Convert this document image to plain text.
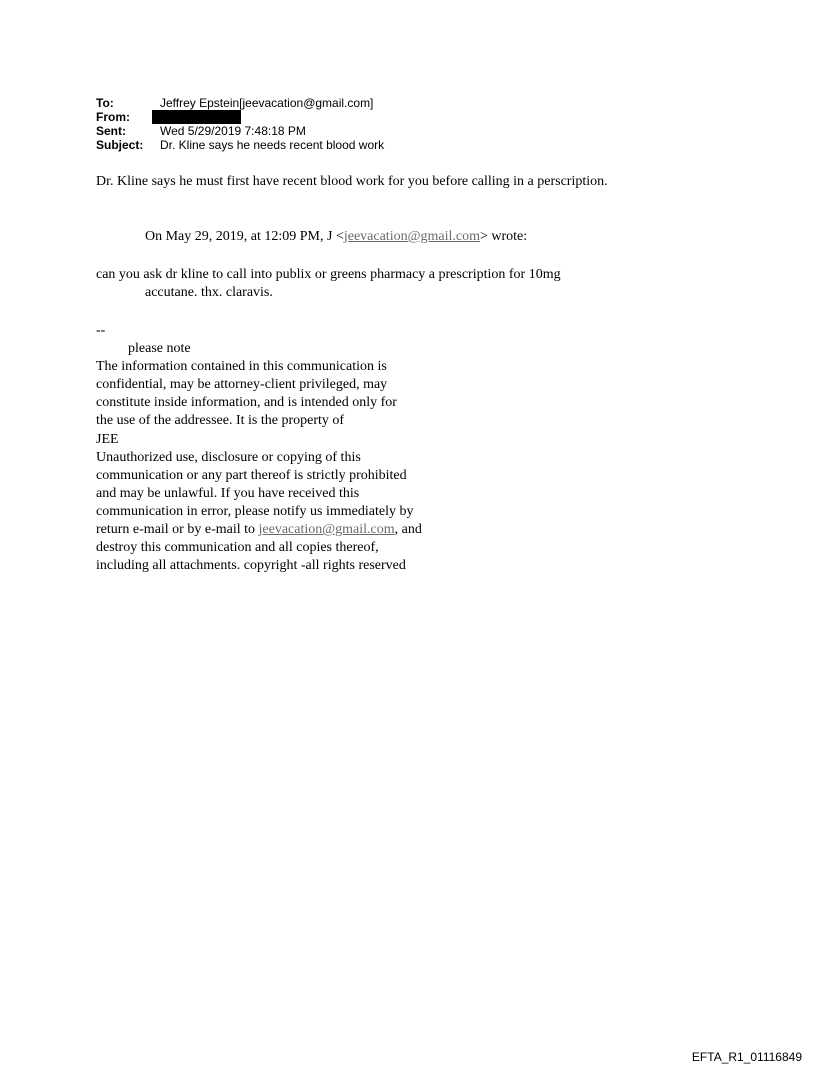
To:	Jeffrey Epstein[jeevacation@gmail.com]
From:
Sent:	Wed 5/29/2019 7:48:18 PM
Subject:	Dr. Kline says he needs recent blood work
Dr. Kline says he must first have recent blood work for you before calling in a perscription.
On May 29, 2019, at 12:09 PM, J <jeevacation@gmail.com> wrote:
can you ask dr kline to call into publix or greens pharmacy a prescription for 10mg
accutane. thx. claravis.
--
please note
The information contained in this communication is
confidential, may be attorney-client privileged, may
constitute inside information, and is intended only for
the use of the addressee. It is the property of
JEE
Unauthorized use, disclosure or copying of this
communication or any part thereof is strictly prohibited
and may be unlawful. If you have received this
communication in error, please notify us immediately by
return e-mail or by e-mail to jeevacation@gmail.com, and
destroy this communication and all copies thereof,
including all attachments. copyright -all rights reserved
EFTA_R1_01116849
